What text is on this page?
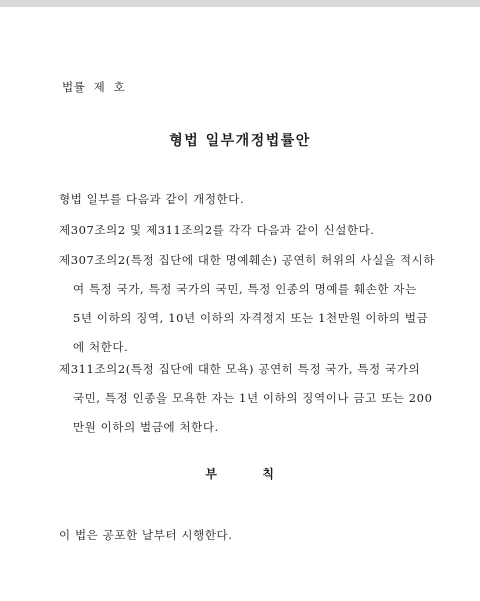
법률 제 호
형법 일부개정법률안
형법 일부를 다음과 같이 개정한다.
제307조의2 및 제311조의2를 각각 다음과 같이 신설한다.
제307조의2(특정 집단에 대한 명예훼손) 공연히 허위의 사실을 적시하
여 특정 국가, 특정 국가의 국민, 특정 인종의 명예를 훼손한 자는
5년 이하의 징역, 10년 이하의 자격정지 또는 1천만원 이하의 벌금
에 처한다.
제311조의2(특정 집단에 대한 모욕) 공연히 특정 국가, 특정 국가의
국민, 특정 인종을 모욕한 자는 1년 이하의 징역이나 금고 또는 200
만원 이하의 벌금에 처한다.
부 칙
이 법은 공포한 날부터 시행한다.
